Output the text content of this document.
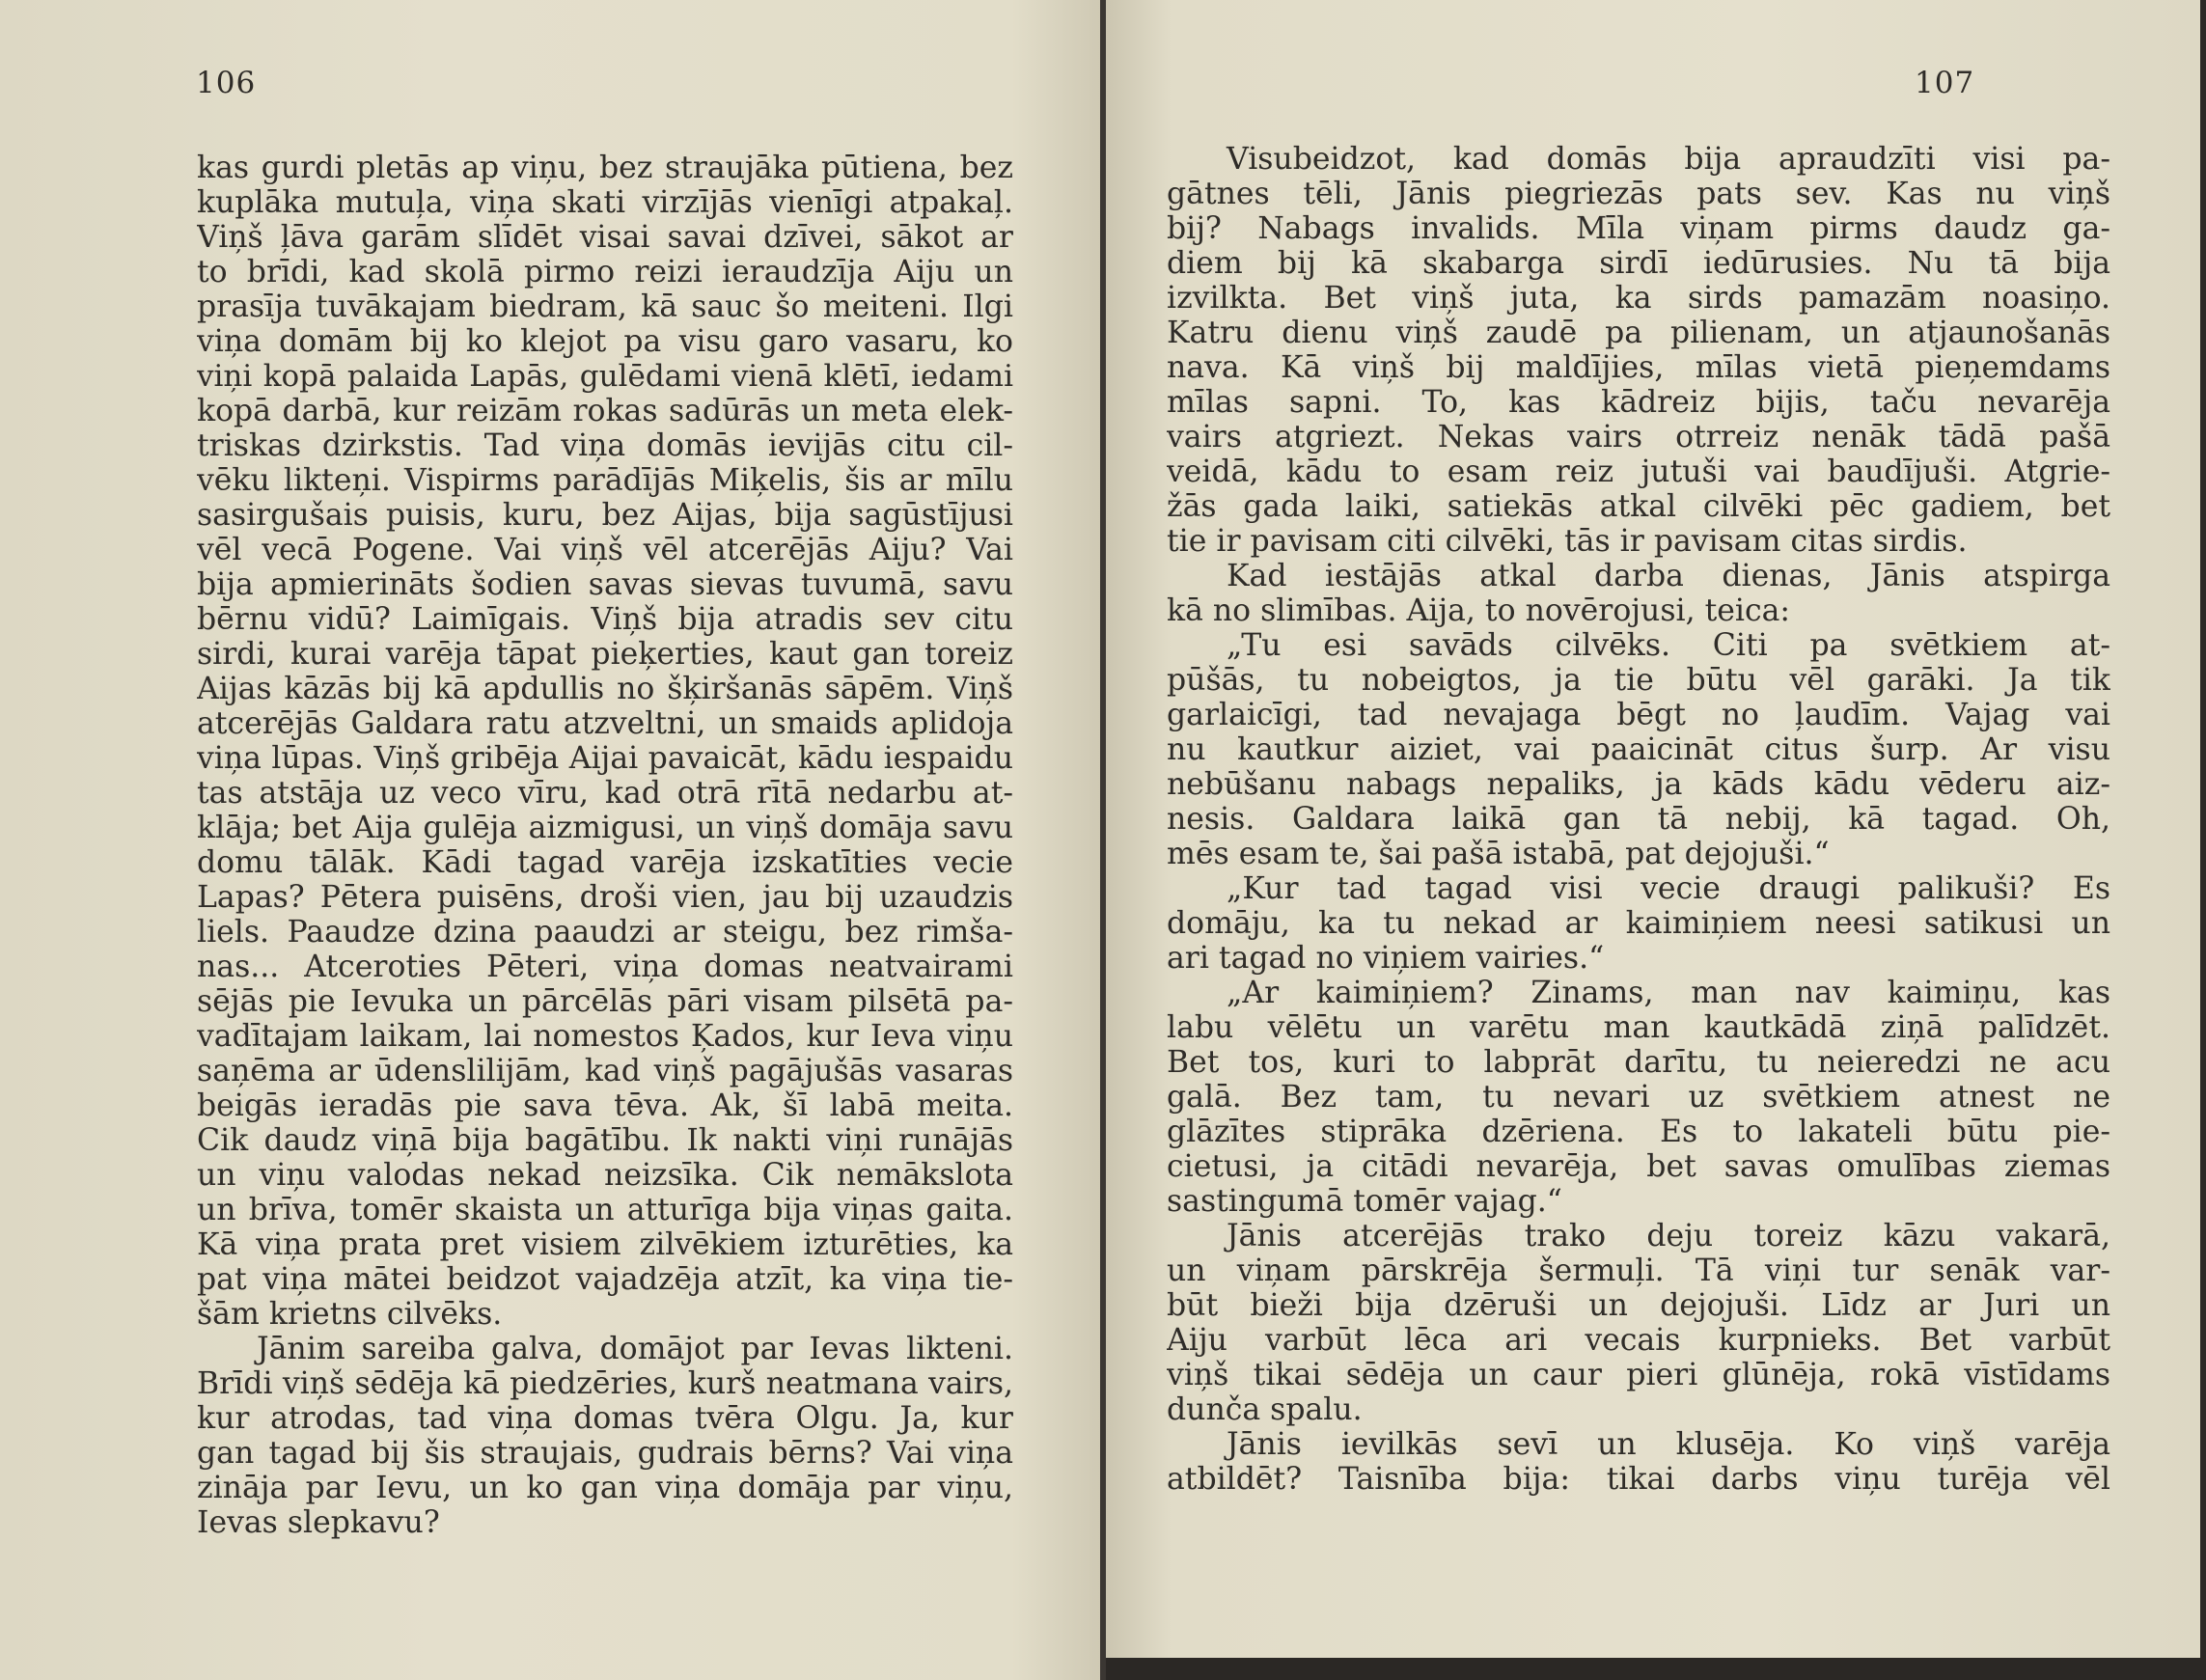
106
kas gurdi pletās ap viņu, bez straujāka pūtiena, bez
kuplāka mutuļa, viņa skati virzījās vienīgi atpakaļ.
Viņš ļāva garām slīdēt visai savai dzīvei, sākot ar
to brīdi, kad skolā pirmo reizi ieraudzīja Aiju un
prasīja tuvākajam biedram, kā sauc šo meiteni. Ilgi
viņa domām bij ko klejot pa visu garo vasaru, ko
viņi kopā palaida Lapās, gulēdami vienā klētī, iedami
kopā darbā, kur reizām rokas sadūrās un meta elek-
triskas dzirkstis. Tad viņa domās ievijās citu cil-
vēku likteņi. Vispirms parādījās Miķelis, šis ar mīlu
sasirgušais puisis, kuru, bez Aijas, bija sagūstījusi
vēl vecā Pogene. Vai viņš vēl atcerējās Aiju? Vai
bija apmierināts šodien savas sievas tuvumā, savu
bērnu vidū? Laimīgais. Viņš bija atradis sev citu
sirdi, kurai varēja tāpat pieķerties, kaut gan toreiz
Aijas kāzās bij kā apdullis no šķiršanās sāpēm. Viņš
atcerējās Galdara ratu atzveltni, un smaids aplidoja
viņa lūpas. Viņš gribēja Aijai pavaicāt, kādu iespaidu
tas atstāja uz veco vīru, kad otrā rītā nedarbu at-
klāja; bet Aija gulēja aizmigusi, un viņš domāja savu
domu tālāk. Kādi tagad varēja izskatīties vecie
Lapas? Pētera puisēns, droši vien, jau bij uzaudzis
liels. Paaudze dzina paaudzi ar steigu, bez rimša-
nas... Atceroties Pēteri, viņa domas neatvairami
sējās pie Ievuka un pārcēlās pāri visam pilsētā pa-
vadītajam laikam, lai nomestos Ķados, kur Ieva viņu
saņēma ar ūdenslilijām, kad viņš pagājušās vasaras
beigās ieradās pie sava tēva. Ak, šī labā meita.
Cik daudz viņā bija bagātību. Ik nakti viņi runājās
un viņu valodas nekad neizsīka. Cik nemākslota
un brīva, tomēr skaista un atturīga bija viņas gaita.
Kā viņa prata pret visiem zilvēkiem izturēties, ka
pat viņa mātei beidzot vajadzēja atzīt, ka viņa tie-
šām krietns cilvēks.
Jānim sareiba galva, domājot par Ievas likteni.
Brīdi viņš sēdēja kā piedzēries, kurš neatmana vairs,
kur atrodas, tad viņa domas tvēra Olgu. Ja, kur
gan tagad bij šis straujais, gudrais bērns? Vai viņa
zināja par Ievu, un ko gan viņa domāja par viņu,
Ievas slepkavu?
107
Visubeidzot, kad domās bija apraudzīti visi pa-
gātnes tēli, Jānis piegriezās pats sev. Kas nu viņš
bij? Nabags invalids. Mīla viņam pirms daudz ga-
diem bij kā skabarga sirdī iedūrusies. Nu tā bija
izvilkta. Bet viņš juta, ka sirds pamazām noasiņo.
Katru dienu viņš zaudē pa pilienam, un atjaunošanās
nava. Kā viņš bij maldījies, mīlas vietā pieņemdams
mīlas sapni. To, kas kādreiz bijis, taču nevarēja
vairs atgriezt. Nekas vairs otrreiz nenāk tādā pašā
veidā, kādu to esam reiz jutuši vai baudījuši. Atgrie-
žās gada laiki, satiekās atkal cilvēki pēc gadiem, bet
tie ir pavisam citi cilvēki, tās ir pavisam citas sirdis.
Kad iestājās atkal darba dienas, Jānis atspirga
kā no slimības. Aija, to novērojusi, teica:
„Tu esi savāds cilvēks. Citi pa svētkiem at-
pūšās, tu nobeigtos, ja tie būtu vēl garāki. Ja tik
garlaicīgi, tad nevajaga bēgt no ļaudīm. Vajag vai
nu kautkur aiziet, vai paaicināt citus šurp. Ar visu
nebūšanu nabags nepaliks, ja kāds kādu vēderu aiz-
nesis. Galdara laikā gan tā nebij, kā tagad. Oh,
mēs esam te, šai pašā istabā, pat dejojuši.“
„Kur tad tagad visi vecie draugi palikuši? Es
domāju, ka tu nekad ar kaimiņiem neesi satikusi un
ari tagad no viņiem vairies.“
„Ar kaimiņiem? Zinams, man nav kaimiņu, kas
labu vēlētu un varētu man kautkādā ziņā palīdzēt.
Bet tos, kuri to labprāt darītu, tu neieredzi ne acu
galā. Bez tam, tu nevari uz svētkiem atnest ne
glāzītes stiprāka dzēriena. Es to lakateli būtu pie-
cietusi, ja citādi nevarēja, bet savas omulības ziemas
sastingumā tomēr vajag.“
Jānis atcerējās trako deju toreiz kāzu vakarā,
un viņam pārskrēja šermuļi. Tā viņi tur senāk var-
būt bieži bija dzēruši un dejojuši. Līdz ar Juri un
Aiju varbūt lēca ari vecais kurpnieks. Bet varbūt
viņš tikai sēdēja un caur pieri glūnēja, rokā vīstīdams
dunča spalu.
Jānis ievilkās sevī un klusēja. Ko viņš varēja
atbildēt? Taisnība bija: tikai darbs viņu turēja vēl
